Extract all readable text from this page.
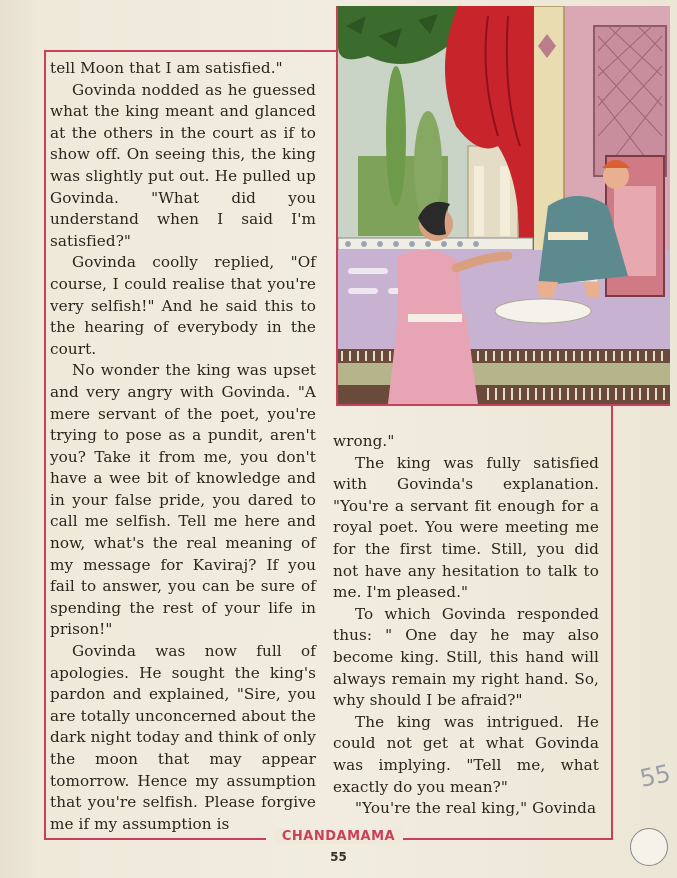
tell Moon that I am satisfied."

Govinda nodded as he guessed what the king meant and glanced at the others in the court as if to show off. On seeing this, the king was slightly put out. He pulled up Govinda. "What did you understand when I said I'm satisfied?"

Govinda coolly replied, "Of course, I could realise that you're very selfish!" And he said this to the hearing of everybody in the court.

No wonder the king was upset and very angry with Govinda. "A mere servant of the poet, you're trying to pose as a pundit, aren't you? Take it from me, you don't have a wee bit of knowledge and in your false pride, you dared to call me selfish. Tell me here and now, what's the real meaning of my message for Kaviraj? If you fail to answer, you can be sure of spending the rest of your life in prison!"

Govinda was now full of apologies. He sought the king's pardon and explained, "Sire, you are totally unconcerned about the dark night today and think of only the moon that may appear tomorrow. Hence my assumption that you're selfish. Please forgive me if my assumption is

wrong."

The king was fully satisfied with Govinda's explanation. "You're a servant fit enough for a royal poet. You were meeting me for the first time. Still, you did not have any hesitation to talk to me. I'm pleased."

To which Govinda responded thus: " One day he may also become king. Still, this hand will always remain my right hand. So, why should I be afraid?"

The king was intrigued. He could not get at what Govinda was implying. "Tell me, what exactly do you mean?"

"You're the real king," Govinda

CHANDAMAMA
55
55
